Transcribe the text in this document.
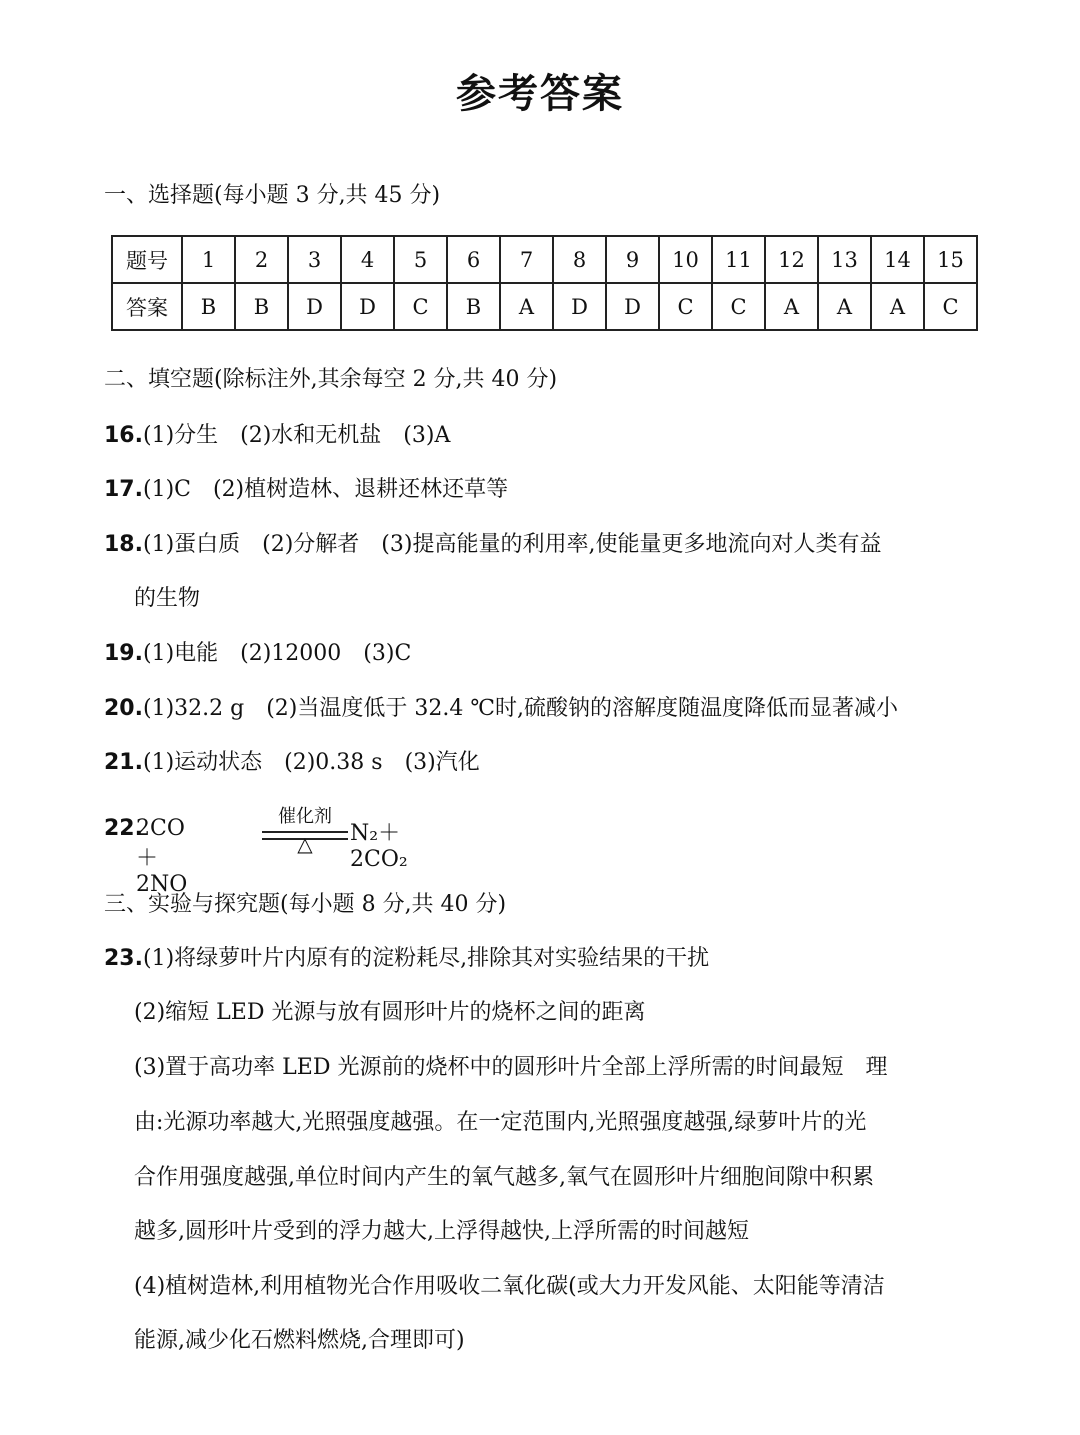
参考答案
一、选择题(每小题 3 分,共 45 分)
题号	1	2	3	4	5	6	7	8	9	10	11	12	13	14	15
答案	B	B	D	D	C	B	A	D	D	C	C	A	A	A	C
二、填空题(除标注外,其余每空 2 分,共 40 分)
16.(1)分生　(2)水和无机盐　(3)A
17.(1)C　(2)植树造林、退耕还林还草等
18.(1)蛋白质　(2)分解者　(3)提高能量的利用率,使能量更多地流向对人类有益
的生物
19.(1)电能　(2)12000　(3)C
20.(1)32.2 g　(2)当温度低于 32.4 ℃时,硫酸钠的溶解度随温度降低而显著减小
21.(1)运动状态　(2)0.38 s　(3)汽化
22.
2CO＋2NO
催化剂
△	N₂＋2CO₂
三、实验与探究题(每小题 8 分,共 40 分)
23.(1)将绿萝叶片内原有的淀粉耗尽,排除其对实验结果的干扰
(2)缩短 LED 光源与放有圆形叶片的烧杯之间的距离
(3)置于高功率 LED 光源前的烧杯中的圆形叶片全部上浮所需的时间最短　理
由:光源功率越大,光照强度越强。在一定范围内,光照强度越强,绿萝叶片的光
合作用强度越强,单位时间内产生的氧气越多,氧气在圆形叶片细胞间隙中积累
越多,圆形叶片受到的浮力越大,上浮得越快,上浮所需的时间越短
(4)植树造林,利用植物光合作用吸收二氧化碳(或大力开发风能、太阳能等清洁
能源,减少化石燃料燃烧,合理即可)
